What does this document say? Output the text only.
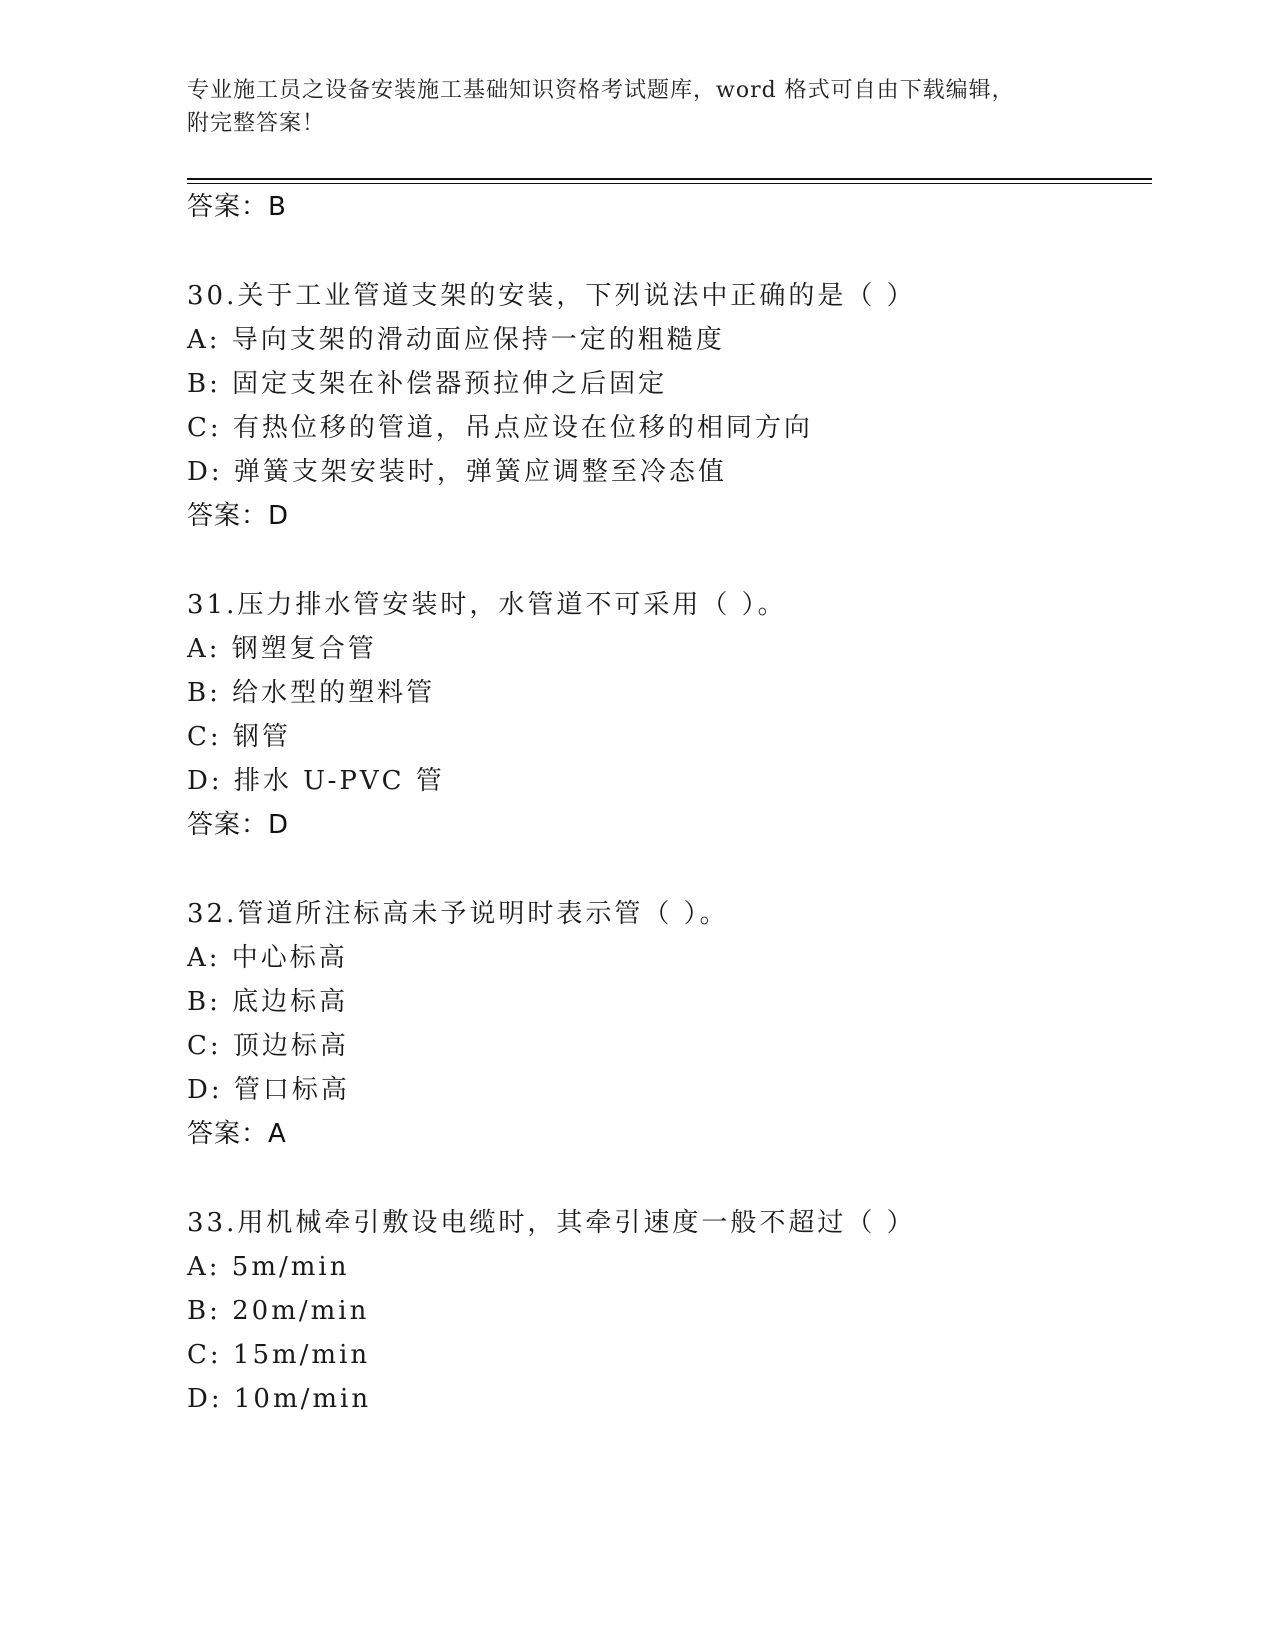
专业施工员之设备安装施工基础知识资格考试题库，word 格式可自由下载编辑，
附完整答案！
答案：B
30.关于工业管道支架的安装，下列说法中正确的是（ ）
A: 导向支架的滑动面应保持一定的粗糙度
B: 固定支架在补偿器预拉伸之后固定
C: 有热位移的管道，吊点应设在位移的相同方向
D: 弹簧支架安装时，弹簧应调整至冷态值
答案：D
31.压力排水管安装时，水管道不可采用（ ）。
A: 钢塑复合管
B: 给水型的塑料管
C: 钢管
D: 排水 U-PVC 管
答案：D
32.管道所注标高未予说明时表示管（ ）。
A: 中心标高
B: 底边标高
C: 顶边标高
D: 管口标高
答案：A
33.用机械牵引敷设电缆时，其牵引速度一般不超过（ ）
A: 5m/min
B: 20m/min
C: 15m/min
D: 10m/min
